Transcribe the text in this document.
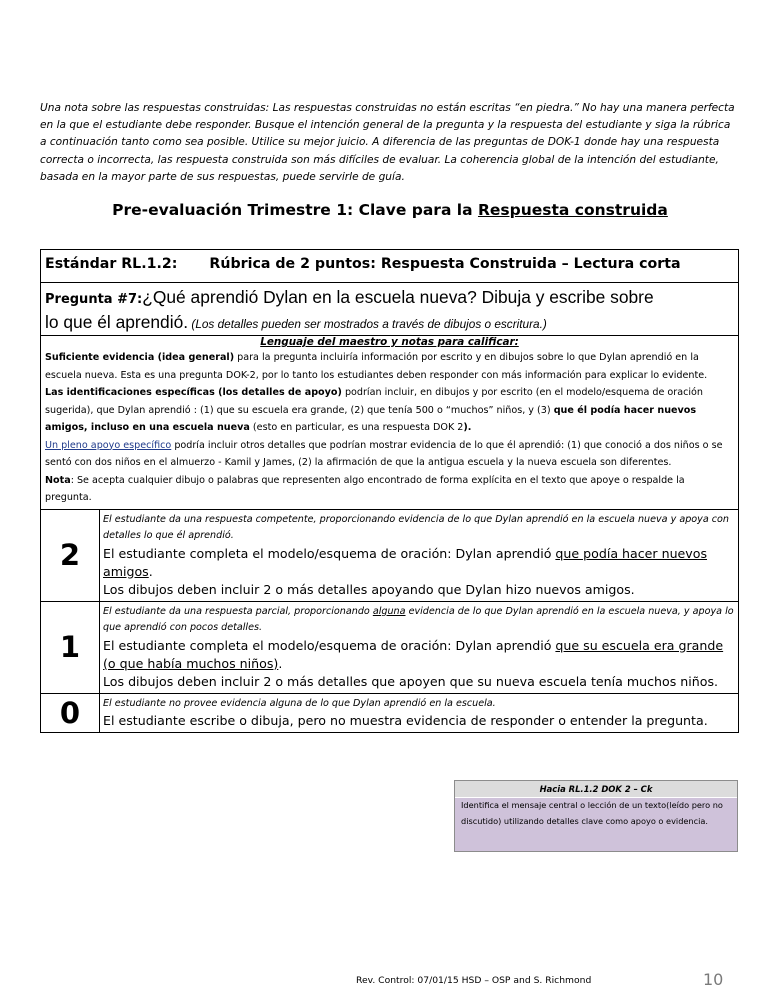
Una nota sobre las respuestas construidas: Las respuestas construidas no están escritas “en piedra.” No hay una manera perfecta en la que el estudiante debe responder. Busque el intención general de la pregunta y la respuesta del estudiante y siga la rúbrica a continuación tanto como sea posible. Utilice su mejor juicio. A diferencia de las preguntas de DOK-1 donde hay una respuesta correcta o incorrecta, las respuesta construida son más difíciles de evaluar. La coherencia global de la intención del estudiante, basada en la mayor parte de sus respuestas, puede servirle de guía.
Pre-evaluación Trimestre 1: Clave para la Respuesta construida
Estándar RL.1.2: Rúbrica de 2 puntos: Respuesta Construida – Lectura corta	

Pregunta #7:¿Qué aprendió Dylan en la escuela nueva? Dibuja y escribe sobre
lo que él aprendió. (Los detalles pueden ser mostrados a través de dibujos o escritura.)	

Lenguaje del maestro y notas para calificar:
Suficiente evidencia (idea general) para la pregunta incluiría información por escrito y en dibujos sobre lo que Dylan aprendió en la escuela nueva. Esta es una pregunta DOK-2, por lo tanto los estudiantes deben responder con más información para explicar lo evidente.
Las identificaciones específicas (los detalles de apoyo) podrían incluir, en dibujos y por escrito (en el modelo/esquema de oración sugerida), que Dylan aprendió : (1) que su escuela era grande, (2) que tenía 500 o “muchos” niños, y (3) que él podía hacer nuevos amigos, incluso en una escuela nueva (esto en particular, es una respuesta DOK 2).
Un pleno apoyo específico podría incluir otros detalles que podrían mostrar evidencia de lo que él aprendió: (1) que conoció a dos niños o se sentó con dos niños en el almuerzo - Kamil y James, (2) la afirmación de que la antigua escuela y la nueva escuela son diferentes.
Nota: Se acepta cualquier dibujo o palabras que representen algo encontrado de forma explícita en el texto que apoye o respalde la pregunta.	

2	El estudiante da una respuesta competente, proporcionando evidencia de lo que Dylan aprendió en la escuela nueva y apoya con detalles lo que él aprendió.
El estudiante completa el modelo/esquema de oración: Dylan aprendió que podía hacer nuevos amigos.
Los dibujos deben incluir 2 o más detalles apoyando que Dylan hizo nuevos amigos.

1	El estudiante da una respuesta parcial, proporcionando alguna evidencia de lo que Dylan aprendió en la escuela nueva, y apoya lo que aprendió con pocos detalles.
El estudiante completa el modelo/esquema de oración: Dylan aprendió que su escuela era grande (o que había muchos niños).
Los dibujos deben incluir 2 o más detalles que apoyen que su nueva escuela tenía muchos niños.

0	El estudiante no provee evidencia alguna de lo que Dylan aprendió en la escuela.
El estudiante escribe o dibuja, pero no muestra evidencia de responder o entender la pregunta.
Hacia RL.1.2 DOK 2 – Ck
Identifica el mensaje central o lección de un texto(leído pero no discutido) utilizando detalles clave como apoyo o evidencia.
Rev. Control: 07/01/15 HSD – OSP and S. Richmond	10
